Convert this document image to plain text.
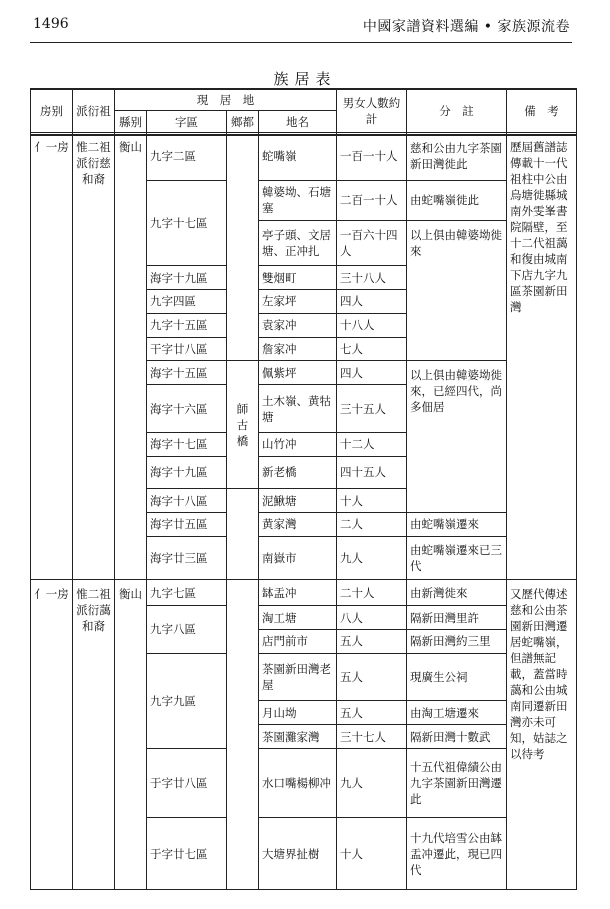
1496	中國家譜資料選編 • 家族源流卷
族居表
房别	派衍祖	現　居　地				男女人數約計	分　註	備　考
		縣别	字區	鄉都	地名			
⺅一房	惟二祖派衍慈和裔	衡山	九字二區		蛇嘴嶺	一百一十人	慈和公由九字茶園新田灣徙此	歷屆舊譜誌傳載十一代祖柱中公由烏塘徙縣城南外雯峯書院隔壁，至十二代祖藹和復由城南下店九字九區茶園新田灣
			九字十七區		韓婆坳、石塘塞	二百一十人	由蛇嘴嶺徙此	
					亭子頭、文居塘、正冲扎	一百六十四人	以上俱由韓婆坳徙來	
			海字十九區		雙烟町	三十八人		
			九字四區		左家坪	四人		
			九字十五區		袁家冲	十八人		
			干字廿八區		詹家冲	七人		
			海字十五區	師　古　橋	佩紫坪	四人	以上俱由韓婆坳徙來，已經四代，尚多佃居	
			海字十六區		土木嶺、黄牯塘	三十五人		
			海字十七區		山竹冲	十二人		
			海字十九區		新老橋	四十五人		
			海字十八區		泥鰍塘	十人		
			海字廿五區		黄家灣	二人	由蛇嘴嶺遷來	
			海字廿三區		南嶽市	九人	由蛇嘴嶺遷來已三代	
⺅一房	惟二祖派衍藹和裔	衡山	九字七區		缽盂冲	二十人	由新灣徙來	又歷代傳述慈和公由茶園新田灣遷居蛇嘴嶺，但譜無記載，蓋當時藹和公由城南同遷新田灣亦未可知，姑誌之以待考
			九字八區		淘工塘	八人	隔新田灣里許	
					店門前市	五人	隔新田灣約三里	
			九字九區		茶園新田灣老屋	五人	現廣生公祠	
					月山坳	五人	由淘工塘遷來	
					茶園灘家灣	三十七人	隔新田灣十數武	
			于字廿八區		水口嘴楊柳冲	九人	十五代祖偉績公由九字茶園新田灣遷此	
			于字廿七區		大塘界扯樹	十人	十九代培雪公由缽盂冲遷此，現已四代	
